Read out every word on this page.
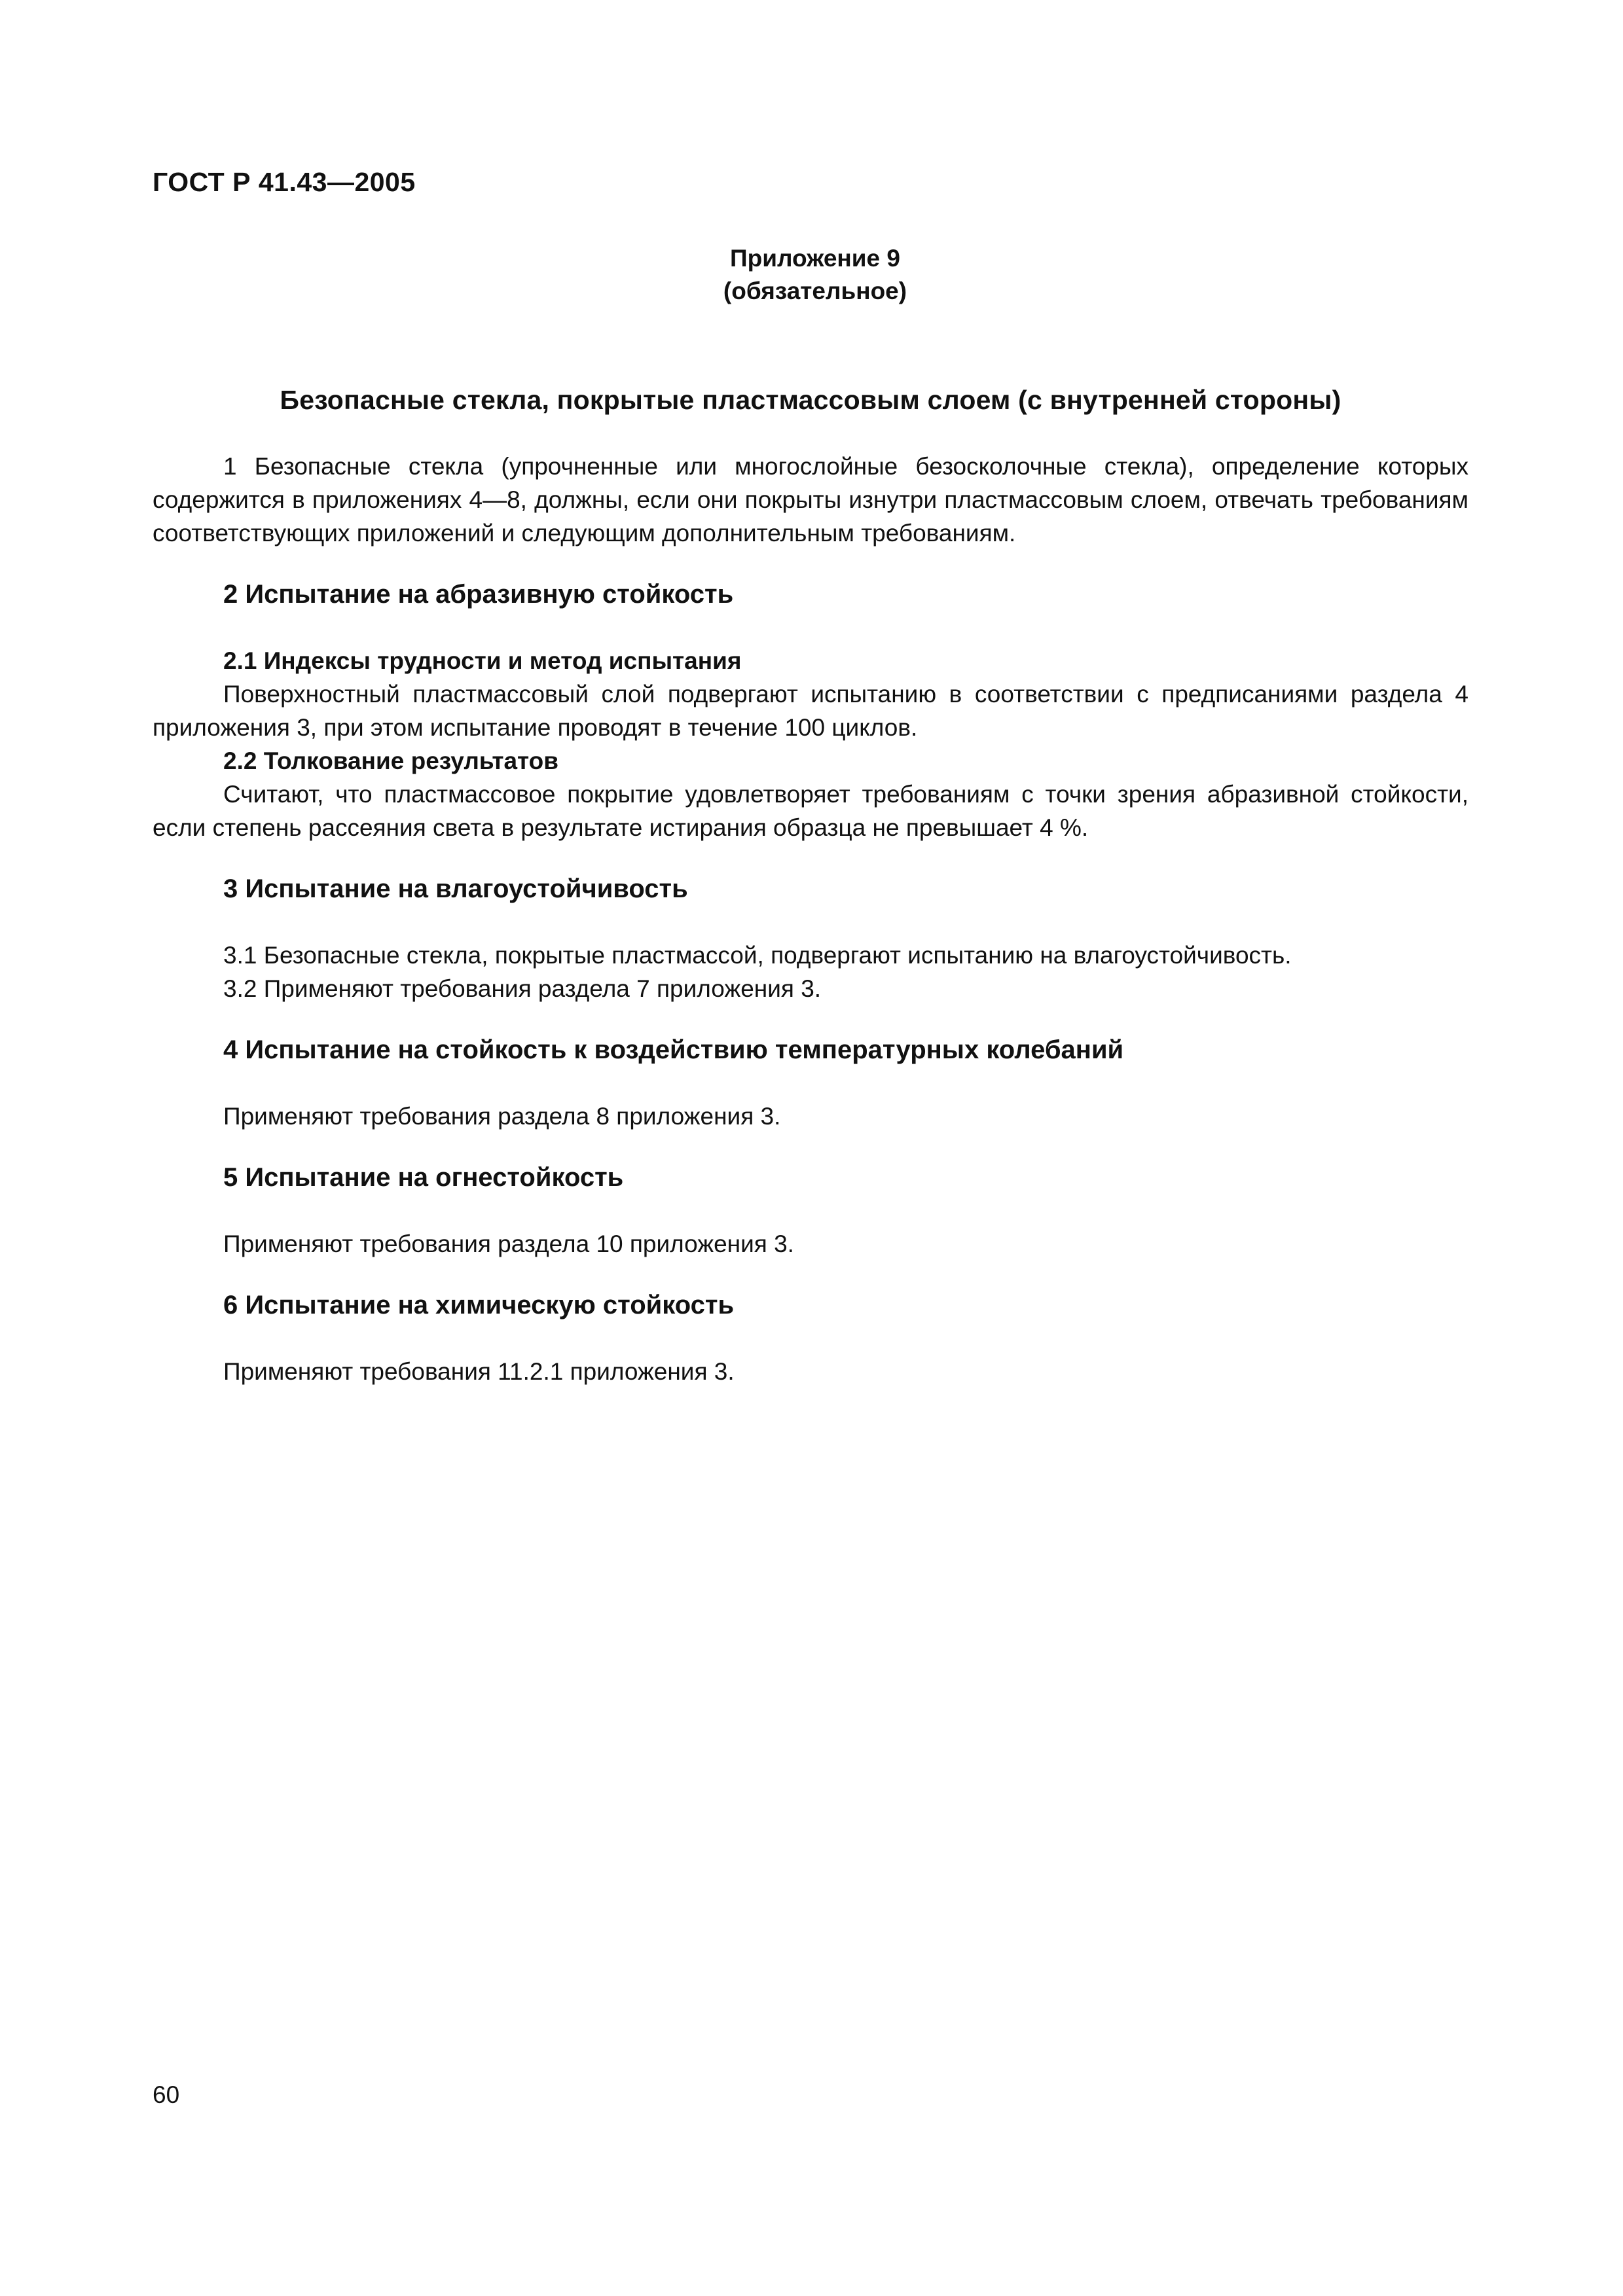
ГОСТ Р 41.43—2005
Приложение 9
(обязательное)
Безопасные стекла, покрытые пластмассовым слоем (с внутренней стороны)

1 Безопасные стекла (упрочненные или многослойные безосколочные стекла), определение которых содержится в приложениях 4—8, должны, если они покрыты изнутри пластмассовым слоем, отвечать требованиям соответствующих приложений и следующим дополнительным требованиям.

2 Испытание на абразивную стойкость
2.1 Индексы трудности и метод испытания

Поверхностный пластмассовый слой подвергают испытанию в соответствии с предписаниями раздела 4 приложения 3, при этом испытание проводят в течение 100 циклов.

2.2 Толкование результатов

Считают, что пластмассовое покрытие удовлетворяет требованиям с точки зрения абразивной стойкости, если степень рассеяния света в результате истирания образца не превышает 4 %.

3 Испытание на влагоустойчивость

3.1 Безопасные стекла, покрытые пластмассой, подвергают испытанию на влагоустойчивость.

3.2 Применяют требования раздела 7 приложения 3.

4 Испытание на стойкость к воздействию температурных колебаний

Применяют требования раздела 8 приложения 3.

5 Испытание на огнестойкость

Применяют требования раздела 10 приложения 3.

6 Испытание на химическую стойкость

Применяют требования 11.2.1 приложения 3.

60
